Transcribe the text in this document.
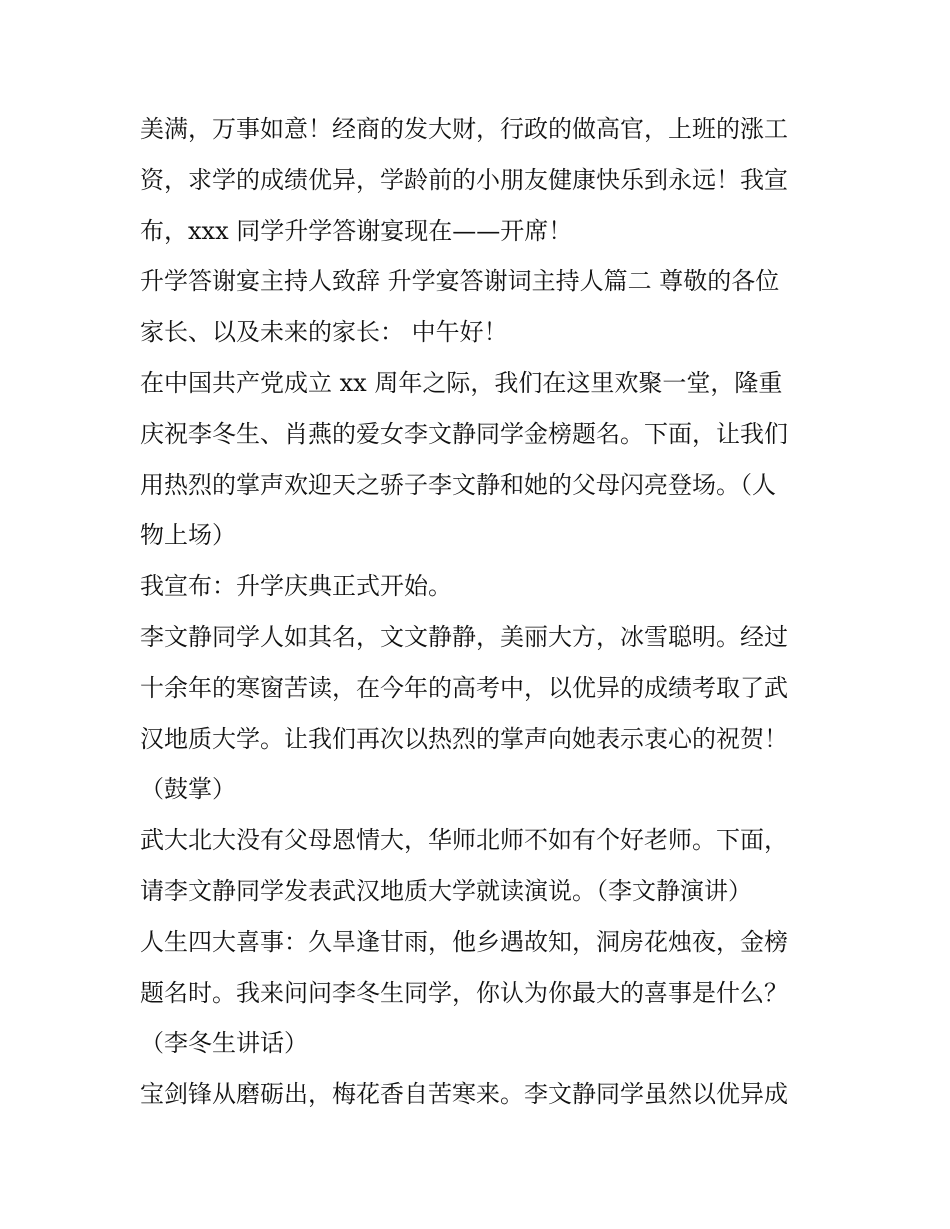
美满，万事如意！经商的发大财，行政的做高官，上班的涨工
资，求学的成绩优异，学龄前的小朋友健康快乐到永远！我宣
布，xxx 同学升学答谢宴现在——开席！
升学答谢宴主持人致辞 升学宴答谢词主持人篇二 尊敬的各位
家长、以及未来的家长： 中午好！
在中国共产党成立 xx 周年之际，我们在这里欢聚一堂，隆重
庆祝李冬生、肖燕的爱女李文静同学金榜题名。下面，让我们
用热烈的掌声欢迎天之骄子李文静和她的父母闪亮登场。（人
物上场）
我宣布：升学庆典正式开始。
李文静同学人如其名，文文静静，美丽大方，冰雪聪明。经过
十余年的寒窗苦读，在今年的高考中，以优异的成绩考取了武
汉地质大学。让我们再次以热烈的掌声向她表示衷心的祝贺！
（鼓掌）
武大北大没有父母恩情大，华师北师不如有个好老师。下面，
请李文静同学发表武汉地质大学就读演说。（李文静演讲）
人生四大喜事：久旱逢甘雨，他乡遇故知，洞房花烛夜，金榜
题名时。我来问问李冬生同学，你认为你最大的喜事是什么？
（李冬生讲话）
宝剑锋从磨砺出，梅花香自苦寒来。李文静同学虽然以优异成
